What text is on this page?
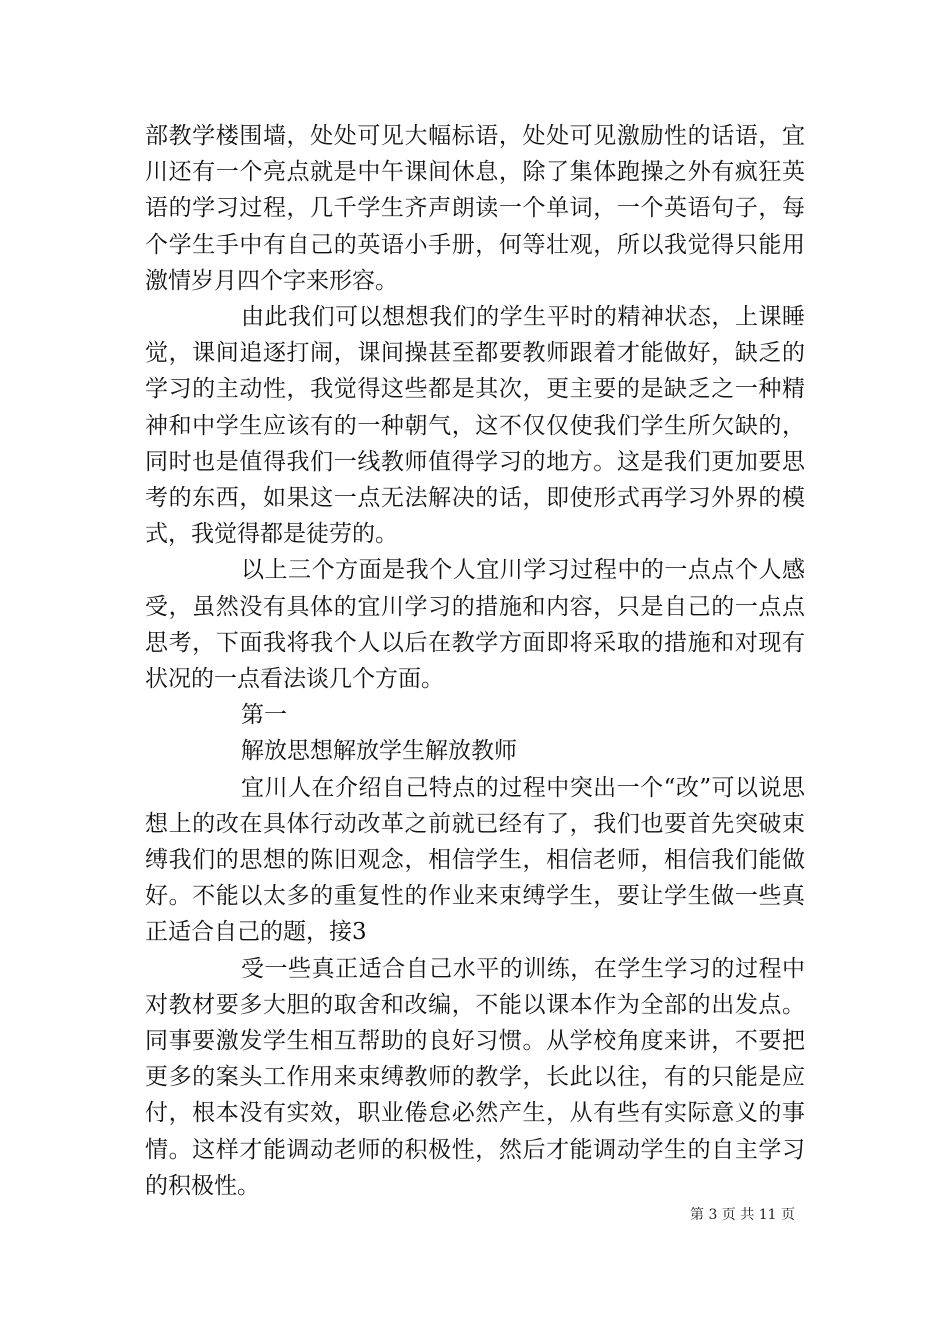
部教学楼围墙，处处可见大幅标语，处处可见激励性的话语，宜川还有一个亮点就是中午课间休息，除了集体跑操之外有疯狂英语的学习过程，几千学生齐声朗读一个单词，一个英语句子，每个学生手中有自己的英语小手册，何等壮观，所以我觉得只能用激情岁月四个字来形容。

由此我们可以想想我们的学生平时的精神状态，上课睡觉，课间追逐打闹，课间操甚至都要教师跟着才能做好，缺乏的学习的主动性，我觉得这些都是其次，更主要的是缺乏之一种精神和中学生应该有的一种朝气，这不仅仅使我们学生所欠缺的，同时也是值得我们一线教师值得学习的地方。这是我们更加要思考的东西，如果这一点无法解决的话，即使形式再学习外界的模式，我觉得都是徒劳的。

以上三个方面是我个人宜川学习过程中的一点点个人感受，虽然没有具体的宜川学习的措施和内容，只是自己的一点点思考，下面我将我个人以后在教学方面即将采取的措施和对现有状况的一点看法谈几个方面。

第一

解放思想解放学生解放教师

宜川人在介绍自己特点的过程中突出一个“改”可以说思想上的改在具体行动改革之前就已经有了，我们也要首先突破束缚我们的思想的陈旧观念，相信学生，相信老师，相信我们能做好。不能以太多的重复性的作业来束缚学生，要让学生做一些真正适合自己的题，接3

受一些真正适合自己水平的训练，在学生学习的过程中对教材要多大胆的取舍和改编，不能以课本作为全部的出发点。同事要激发学生相互帮助的良好习惯。从学校角度来讲，不要把更多的案头工作用来束缚教师的教学，长此以往，有的只能是应付，根本没有实效，职业倦怠必然产生，从有些有实际意义的事情。这样才能调动老师的积极性，然后才能调动学生的自主学习的积极性。

第 3 页 共 11 页
